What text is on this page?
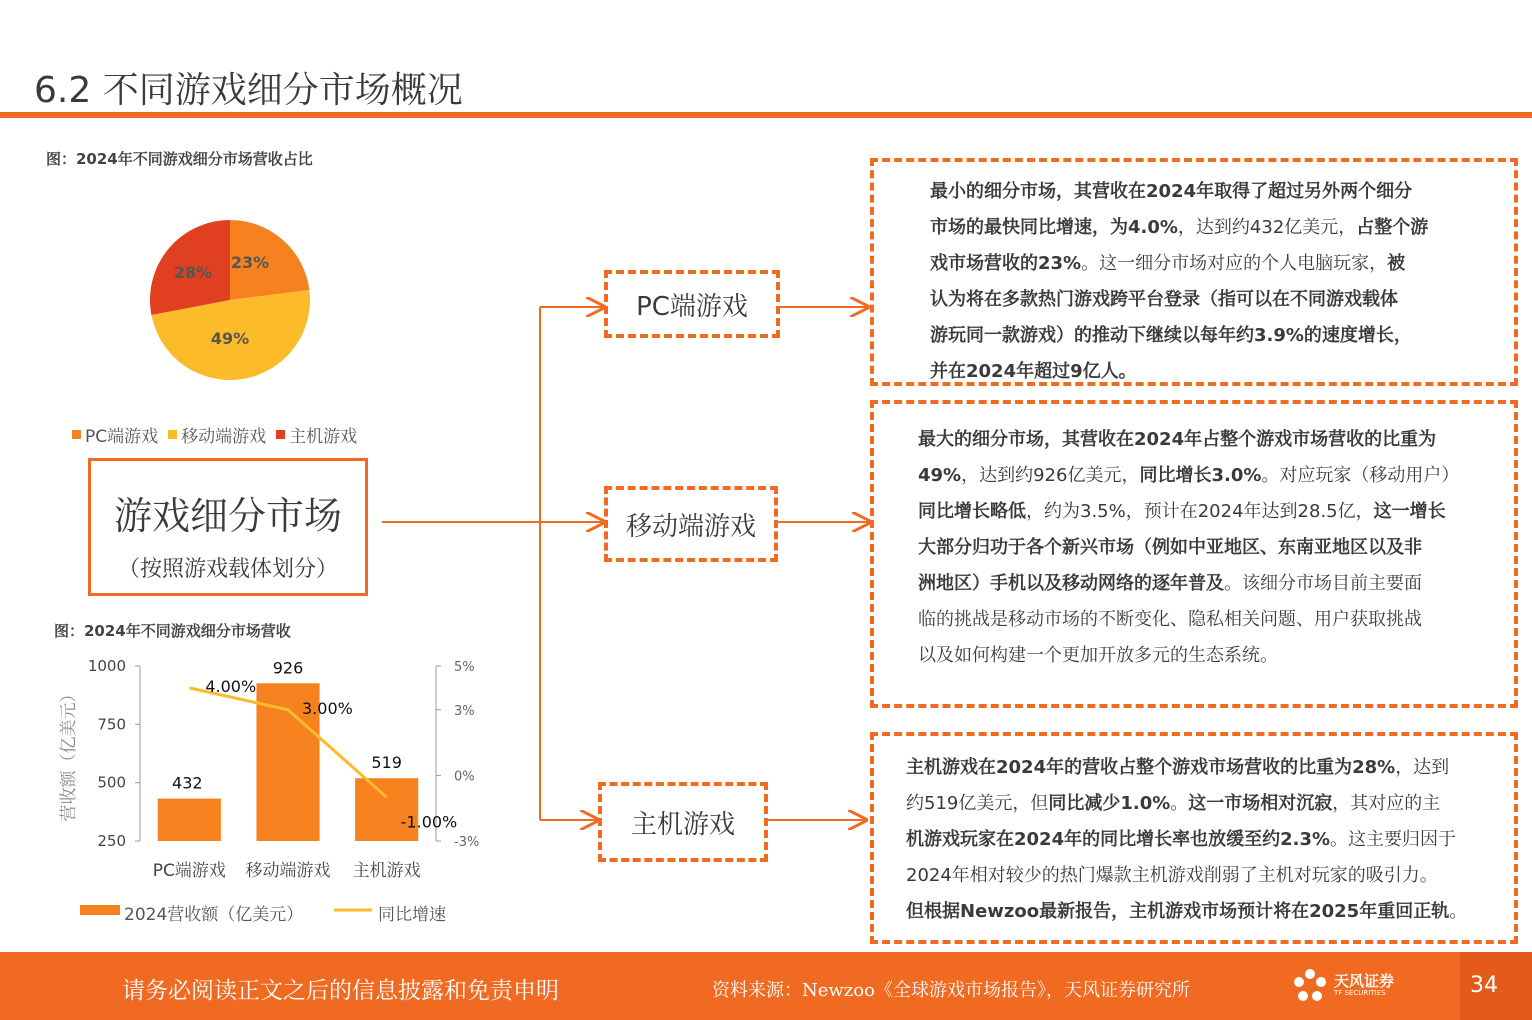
6.2 不同游戏细分市场概况
图：2024年不同游戏细分市场营收占比
23%
49%
28%
PC端游戏 移动端游戏 主机游戏
游戏细分市场
（按照游戏载体划分）
PC端游戏
移动端游戏
主机游戏
最小的细分市场，其营收在2024年取得了超过另外两个细分
市场的最快同比增速，为4.0%，达到约432亿美元，占整个游
戏市场营收的23%。这一细分市场对应的个人电脑玩家，被
认为将在多款热门游戏跨平台登录（指可以在不同游戏载体
游玩同一款游戏）的推动下继续以每年约3.9%的速度增长，
并在2024年超过9亿人。
最大的细分市场，其营收在2024年占整个游戏市场营收的比重为
49%，达到约926亿美元，同比增长3.0%。对应玩家（移动用户）
同比增长略低，约为3.5%，预计在2024年达到28.5亿，这一增长
大部分归功于各个新兴市场（例如中亚地区、东南亚地区以及非
洲地区）手机以及移动网络的逐年普及。该细分市场目前主要面
临的挑战是移动市场的不断变化、隐私相关问题、用户获取挑战
以及如何构建一个更加开放多元的生态系统。
主机游戏在2024年的营收占整个游戏市场营收的比重为28%，达到
约519亿美元，但同比减少1.0%。这一市场相对沉寂，其对应的主
机游戏玩家在2024年的同比增长率也放缓至约2.3%。这主要归因于
2024年相对较少的热门爆款主机游戏削弱了主机对玩家的吸引力。
但根据Newzoo最新报告，主机游戏市场预计将在2025年重回正轨。
图：2024年不同游戏细分市场营收
250
500
750
1000
-3%
0%
3%
5%
营收额（亿美元）	432
PC端游戏
926
移动端游戏
519
主机游戏
4.00%
3.00%
-1.00%
2024营收额（亿美元）	同比增速
请务必阅读正文之后的信息披露和免责申明	资料来源：Newzoo《全球游戏市场报告》，天风证券研究所	天风证券
TF SECURITIES	34
